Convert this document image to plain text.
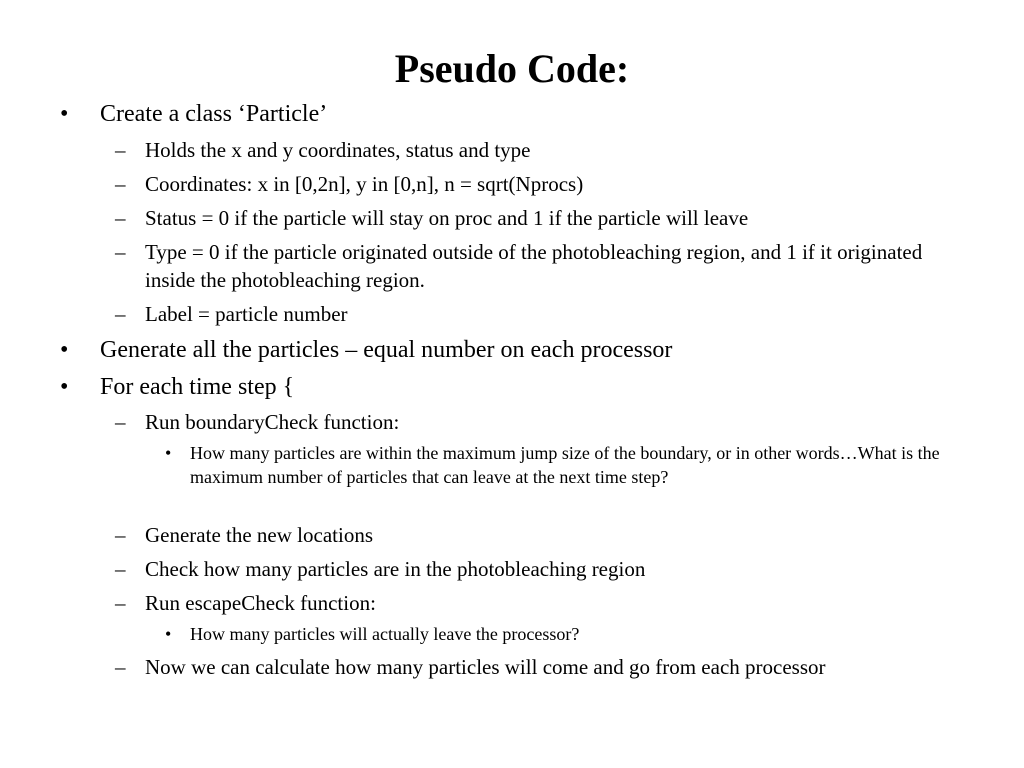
Pseudo Code:
• Create a class ‘Particle’
– Holds the x and y coordinates, status and type
– Coordinates: x in [0,2n], y in [0,n], n = sqrt(Nprocs)
– Status = 0 if the particle will stay on proc and 1 if the particle will leave
– Type = 0 if the particle originated outside of the photobleaching region, and 1 if it originated inside the photobleaching region.
– Label = particle number
• Generate all the particles – equal number on each processor
• For each time step {
– Run boundaryCheck function:
• How many particles are within the maximum jump size of the boundary, or in other words…What is the maximum number of particles that can leave at the next time step?
– Generate the new locations
– Check how many particles are in the photobleaching region
– Run escapeCheck function:
• How many particles will actually leave the processor?
– Now we can calculate how many particles will come and go from each processor
